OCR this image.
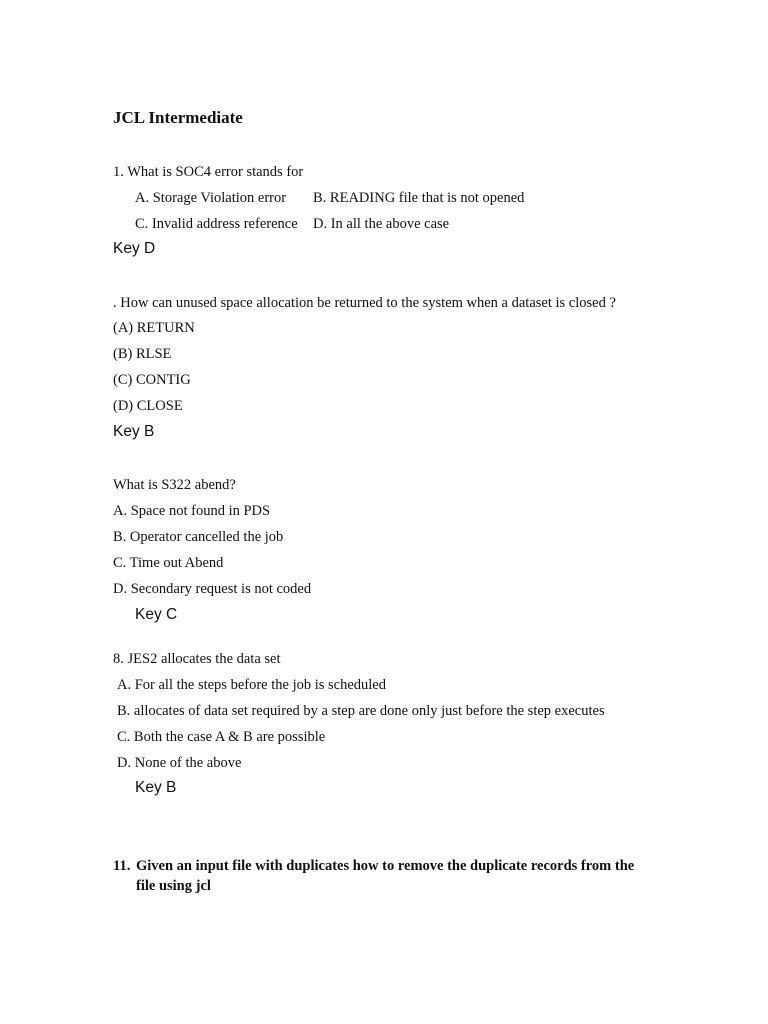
JCL Intermediate
1. What is SOC4 error stands for
A. Storage Violation error B. READING file that is not opened
C. Invalid address reference D. In all the above case
Key D
. How can unused space allocation be returned to the system when a dataset is closed ?
(A) RETURN
(B) RLSE
(C) CONTIG
(D) CLOSE
Key B
What is S322 abend?
A. Space not found in PDS
B. Operator cancelled the job
C. Time out Abend
D. Secondary request is not coded
Key C
8. JES2 allocates the data set
A. For all the steps before the job is scheduled
B. allocates of data set required by a step are done only just before the step executes
C. Both the case A & B are possible
D. None of the above
Key B
11. Given an input file with duplicates how to remove the duplicate records from the
file using jcl
